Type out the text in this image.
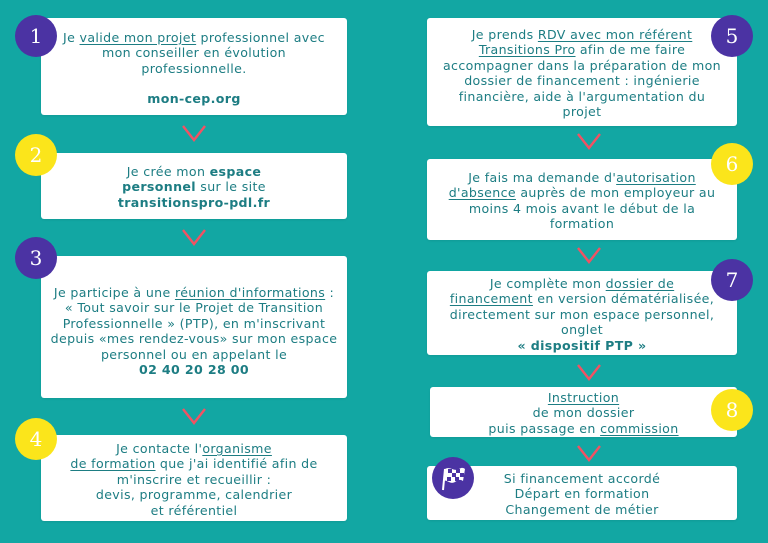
Je valide mon projet professionnel avec
mon conseiller en évolution
professionnelle.
mon-cep.org
1
Je crée mon espace
personnel sur le site
transitionspro-pdl.fr
2
Je participe à une réunion d'informations :
« Tout savoir sur le Projet de Transition
Professionnelle » (PTP), en m'inscrivant
depuis «mes rendez-vous» sur mon espace
personnel ou en appelant le
02 40 20 28 00
3
Je contacte l'organisme
de formation que j'ai identifié afin de
m'inscrire et recueillir :
devis, programme, calendrier
et référentiel
4
Je prends RDV avec mon référent
Transitions Pro afin de me faire
accompagner dans la préparation de mon
dossier de financement : ingénierie
financière, aide à l'argumentation du
projet
5
Je fais ma demande d'autorisation
d'absence auprès de mon employeur au
moins 4 mois avant le début de la
formation
6
Je complète mon dossier de
financement en version dématérialisée,
directement sur mon espace personnel,
onglet
« dispositif PTP »
7
Instruction
de mon dossier
puis passage en commission
8
Si financement accordé
Départ en formation
Changement de métier
